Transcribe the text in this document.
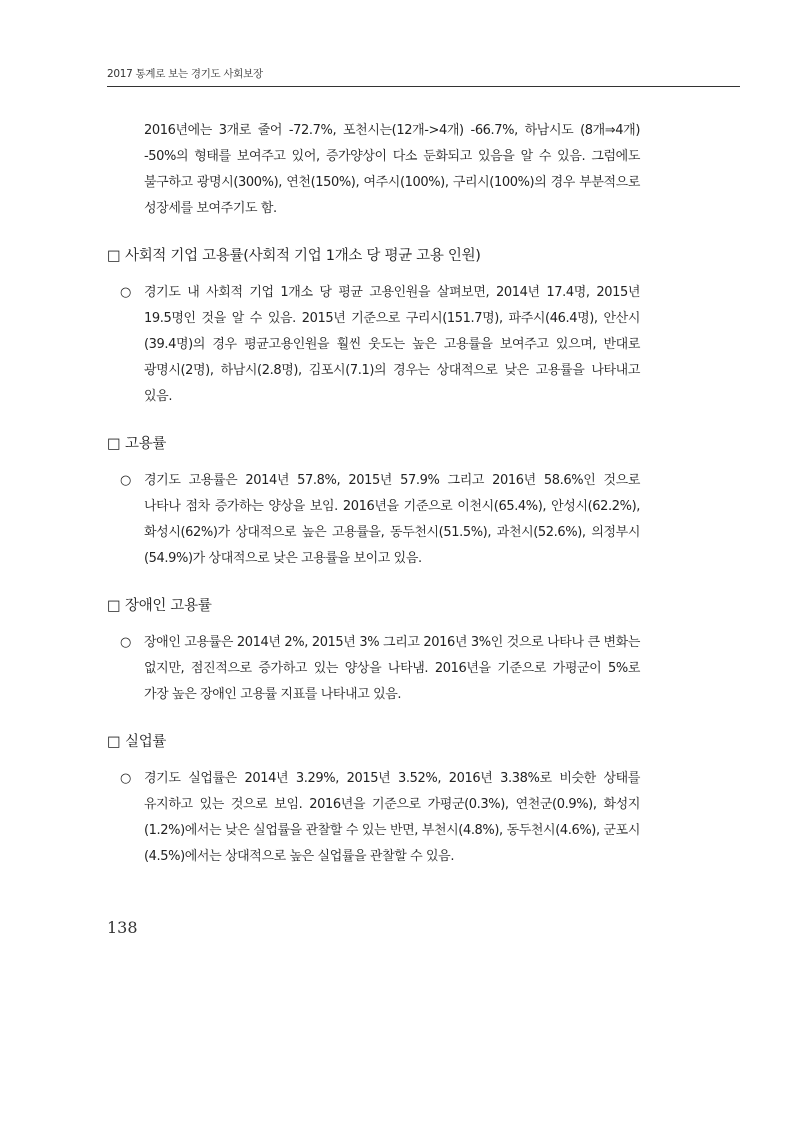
2017 통계로 보는 경기도 사회보장

2016년에는 3개로 줄어 -72.7%, 포천시는(12개->4개) -66.7%, 하남시도 (8개⇒4개) -50%의 형태를 보여주고 있어, 증가양상이 다소 둔화되고 있음을 알 수 있음. 그럼에도 불구하고 광명시(300%), 연천(150%), 여주시(100%), 구리시(100%)의 경우 부분적으로 성장세를 보여주기도 함.

□ 사회적 기업 고용률(사회적 기업 1개소 당 평균 고용 인원)
○ 경기도 내 사회적 기업 1개소 당 평균 고용인원을 살펴보면, 2014년 17.4명, 2015년 19.5명인 것을 알 수 있음. 2015년 기준으로 구리시(151.7명), 파주시(46.4명), 안산시(39.4명)의 경우 평균고용인원을 훨씬 웃도는 높은 고용률을 보여주고 있으며, 반대로 광명시(2명), 하남시(2.8명), 김포시(7.1)의 경우는 상대적으로 낮은 고용률을 나타내고 있음.
□ 고용률
○ 경기도 고용률은 2014년 57.8%, 2015년 57.9% 그리고 2016년 58.6%인 것으로 나타나 점차 증가하는 양상을 보임. 2016년을 기준으로 이천시(65.4%), 안성시(62.2%), 화성시(62%)가 상대적으로 높은 고용률을, 동두천시(51.5%), 과천시(52.6%), 의정부시(54.9%)가 상대적으로 낮은 고용률을 보이고 있음.
□ 장애인 고용률
○ 장애인 고용률은 2014년 2%, 2015년 3% 그리고 2016년 3%인 것으로 나타나 큰 변화는 없지만, 점진적으로 증가하고 있는 양상을 나타냄. 2016년을 기준으로 가평군이 5%로 가장 높은 장애인 고용률 지표를 나타내고 있음.
□ 실업률
○ 경기도 실업률은 2014년 3.29%, 2015년 3.52%, 2016년 3.38%로 비슷한 상태를 유지하고 있는 것으로 보임. 2016년을 기준으로 가평군(0.3%), 연천군(0.9%), 화성지(1.2%)에서는 낮은 실업률을 관찰할 수 있는 반면, 부천시(4.8%), 동두천시(4.6%), 군포시(4.5%)에서는 상대적으로 높은 실업률을 관찰할 수 있음.
138
